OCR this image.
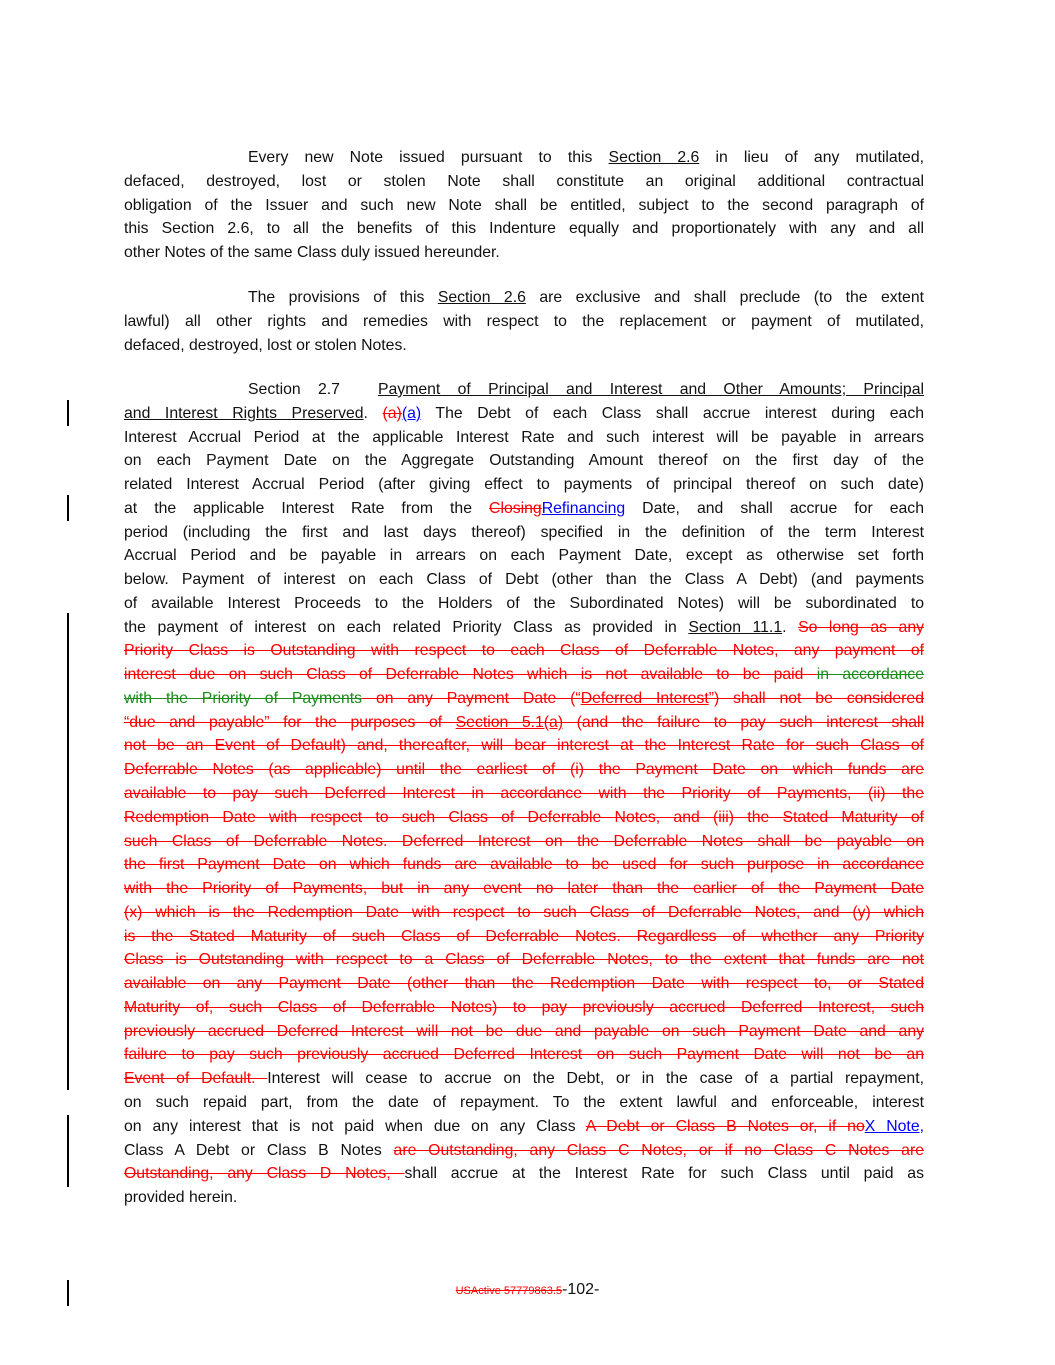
Every new Note issued pursuant to this Section 2.6 in lieu of any mutilated,
defaced, destroyed, lost or stolen Note shall constitute an original additional contractual
obligation of the Issuer and such new Note shall be entitled, subject to the second paragraph of
this Section 2.6, to all the benefits of this Indenture equally and proportionately with any and all
other Notes of the same Class duly issued hereunder.
The provisions of this Section 2.6 are exclusive and shall preclude (to the extent
lawful) all other rights and remedies with respect to the replacement or payment of mutilated,
defaced, destroyed, lost or stolen Notes.
Section 2.7 Payment of Principal and Interest and Other Amounts; Principal
and Interest Rights Preserved. (a)(a) The Debt of each Class shall accrue interest during each
Interest Accrual Period at the applicable Interest Rate and such interest will be payable in arrears
on each Payment Date on the Aggregate Outstanding Amount thereof on the first day of the
related Interest Accrual Period (after giving effect to payments of principal thereof on such date)
at the applicable Interest Rate from the ClosingRefinancing Date, and shall accrue for each
period (including the first and last days thereof) specified in the definition of the term Interest
Accrual Period and be payable in arrears on each Payment Date, except as otherwise set forth
below. Payment of interest on each Class of Debt (other than the Class A Debt) (and payments
of available Interest Proceeds to the Holders of the Subordinated Notes) will be subordinated to
the payment of interest on each related Priority Class as provided in Section 11.1. So long as any
Priority Class is Outstanding with respect to each Class of Deferrable Notes, any payment of
interest due on such Class of Deferrable Notes which is not available to be paid in accordance
with the Priority of Payments on any Payment Date (“Deferred Interest”) shall not be considered
“due and payable” for the purposes of Section 5.1(a) (and the failure to pay such interest shall
not be an Event of Default) and, thereafter, will bear interest at the Interest Rate for such Class of
Deferrable Notes (as applicable) until the earliest of (i) the Payment Date on which funds are
available to pay such Deferred Interest in accordance with the Priority of Payments, (ii) the
Redemption Date with respect to such Class of Deferrable Notes, and (iii) the Stated Maturity of
such Class of Deferrable Notes. Deferred Interest on the Deferrable Notes shall be payable on
the first Payment Date on which funds are available to be used for such purpose in accordance
with the Priority of Payments, but in any event no later than the earlier of the Payment Date
(x) which is the Redemption Date with respect to such Class of Deferrable Notes, and (y) which
is the Stated Maturity of such Class of Deferrable Notes. Regardless of whether any Priority
Class is Outstanding with respect to a Class of Deferrable Notes, to the extent that funds are not
available on any Payment Date (other than the Redemption Date with respect to, or Stated
Maturity of, such Class of Deferrable Notes) to pay previously accrued Deferred Interest, such
previously accrued Deferred Interest will not be due and payable on such Payment Date and any
failure to pay such previously accrued Deferred Interest on such Payment Date will not be an
Event of Default. Interest will cease to accrue on the Debt, or in the case of a partial repayment,
on such repaid part, from the date of repayment. To the extent lawful and enforceable, interest
on any interest that is not paid when due on any Class A Debt or Class B Notes or, if noX Note,
Class A Debt or Class B Notes are Outstanding, any Class C Notes, or if no Class C Notes are
Outstanding, any Class D Notes, shall accrue at the Interest Rate for such Class until paid as
provided herein.
USActive 57779863.5-102-
